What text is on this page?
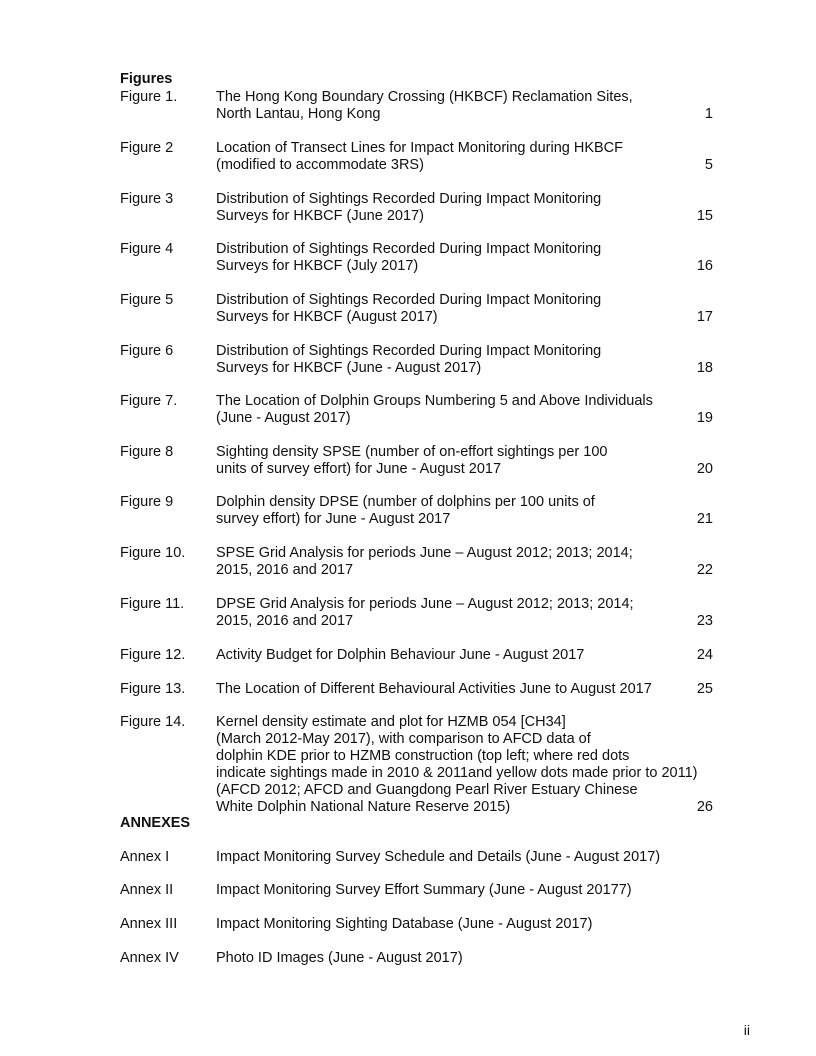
Figures
Figure 1.	The Hong Kong Boundary Crossing (HKBCF) Reclamation Sites,
North Lantau, Hong Kong	1
Figure 2	Location of Transect Lines for Impact Monitoring during HKBCF
(modified to accommodate 3RS)	5
Figure 3	Distribution of Sightings Recorded During Impact Monitoring
Surveys for HKBCF (June 2017)	15
Figure 4	Distribution of Sightings Recorded During Impact Monitoring
Surveys for HKBCF (July 2017)	16
Figure 5	Distribution of Sightings Recorded During Impact Monitoring
Surveys for HKBCF (August 2017)	17
Figure 6	Distribution of Sightings Recorded During Impact Monitoring
Surveys for HKBCF (June - August 2017)	18
Figure 7.	The Location of Dolphin Groups Numbering 5 and Above Individuals
(June - August 2017)	19
Figure 8	Sighting density SPSE (number of on-effort sightings per 100
units of survey effort) for June - August 2017	20
Figure 9	Dolphin density DPSE (number of dolphins per 100 units of
survey effort) for June - August 2017	21
Figure 10. SPSE Grid Analysis for periods June – August 2012; 2013; 2014;
2015, 2016 and 2017	22
Figure 11. DPSE Grid Analysis for periods June – August 2012; 2013; 2014;
2015, 2016 and 2017	23
Figure 12. Activity Budget for Dolphin Behaviour June - August 2017	24
Figure 13. The Location of Different Behavioural Activities June to August 2017	25
Figure 14. Kernel density estimate and plot for HZMB 054 [CH34]
(March 2012-May 2017), with comparison to AFCD data of
dolphin KDE prior to HZMB construction (top left; where red dots
indicate sightings made in 2010 & 2011and yellow dots made prior to 2011)
(AFCD 2012; AFCD and Guangdong Pearl River Estuary Chinese
White Dolphin National Nature Reserve 2015)	26
ANNEXES
Annex I	Impact Monitoring Survey Schedule and Details (June - August 2017)
Annex II	Impact Monitoring Survey Effort Summary (June - August 20177)
Annex III	Impact Monitoring Sighting Database (June - August 2017)
Annex IV	Photo ID Images (June - August 2017)
ii
